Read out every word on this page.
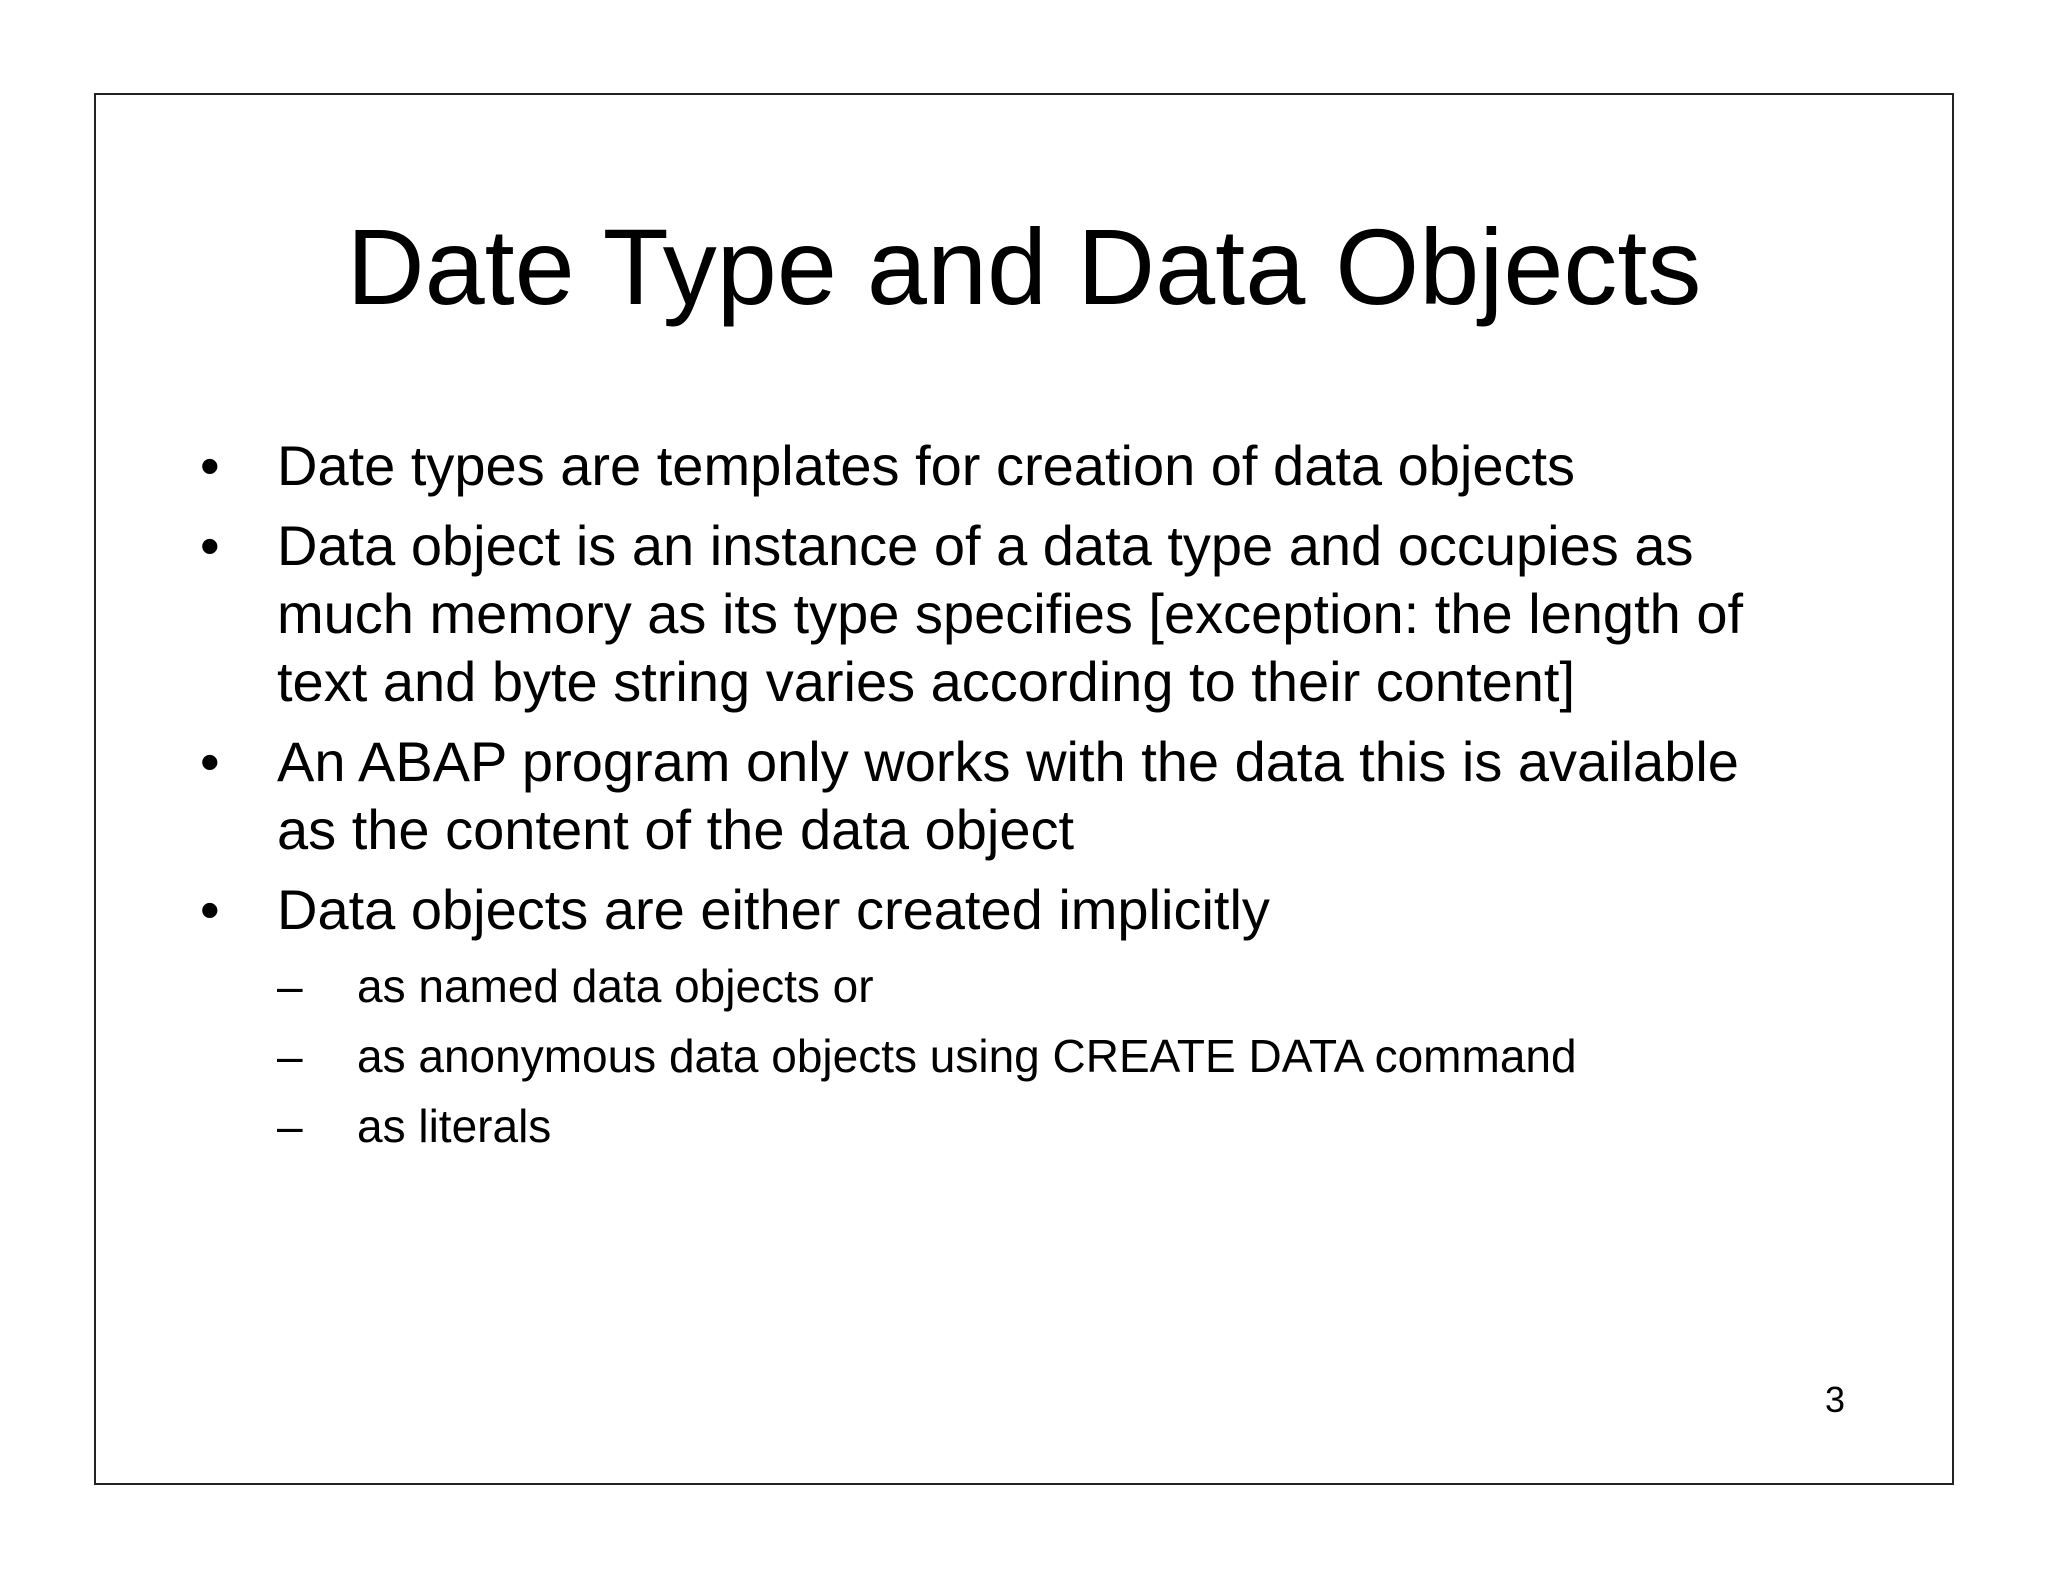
Date Type and Data Objects
• Date types are templates for creation of data objects
• Data object is an instance of a data type and occupies as much memory as its type specifies [exception: the length of text and byte string varies according to their content]
• An ABAP program only works with the data this is available as the content of the data object
• Data objects are either created implicitly
–	as named data objects or
–	as anonymous data objects using CREATE DATA command
–	as literals
3
